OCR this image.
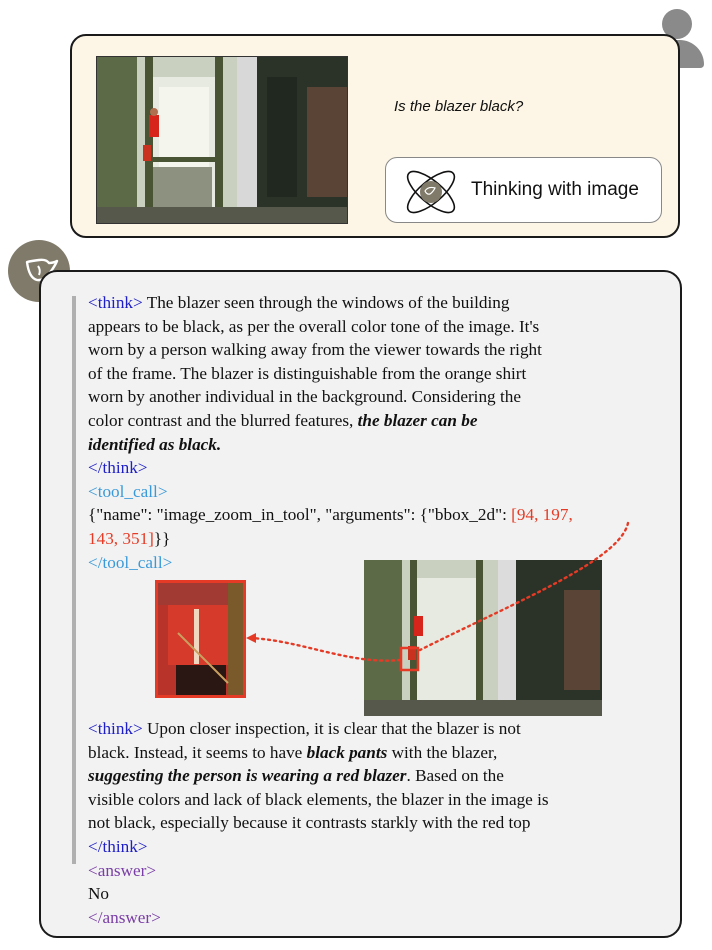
Is the blazer black?
Thinking with image
<think> The blazer seen through the windows of the building
appears to be black, as per the overall color tone of the image. It's
worn by a person walking away from the viewer towards the right
of the frame. The blazer is distinguishable from the orange shirt
worn by another individual in the background. Considering the
color contrast and the blurred features, the blazer can be
identified as black.
</think>
<tool_call>
{"name": "image_zoom_in_tool", "arguments": {"bbox_2d": [94, 197,
143, 351]}}
</tool_call>
<think> Upon closer inspection, it is clear that the blazer is not
black. Instead, it seems to have black pants with the blazer,
suggesting the person is wearing a red blazer. Based on the
visible colors and lack of black elements, the blazer in the image is
not black, especially because it contrasts starkly with the red top
</think>
<answer>
No
</answer>
